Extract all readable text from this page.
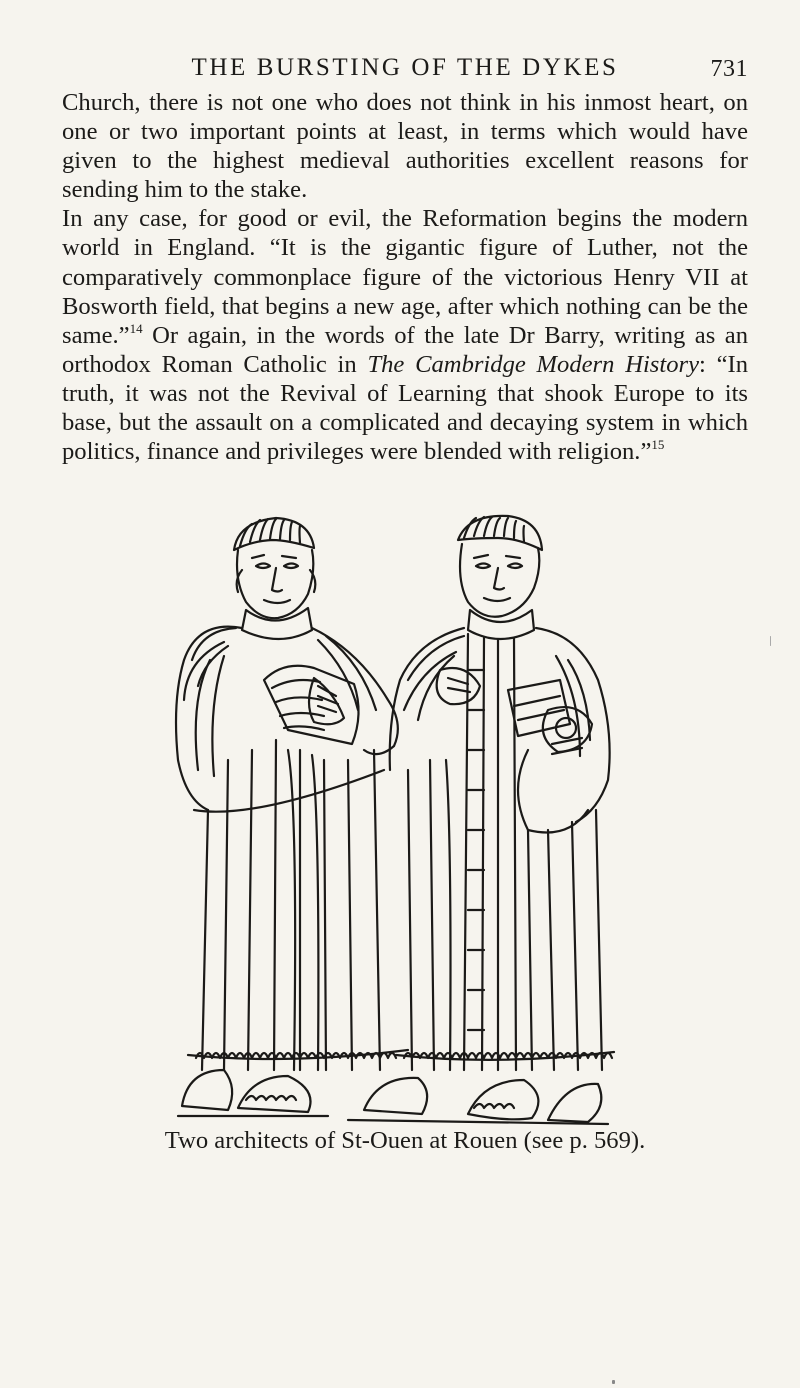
THE BURSTING OF THE DYKES	731

Church, there is not one who does not think in his inmost heart, on one or two important points at least, in terms which would have given to the highest medieval authorities excellent reasons for sending him to the stake.

In any case, for good or evil, the Reformation begins the modern world in England. “It is the gigantic figure of Luther, not the comparatively commonplace figure of the victorious Henry VII at Bosworth field, that begins a new age, after which nothing can be the same.”$^{14}$ Or again, in the words of the late Dr Barry, writing as an orthodox Roman Catholic in The Cambridge Modern History: “In truth, it was not the Revival of Learning that shook Europe to its base, but the assault on a complicated and decaying system in which politics, finance and privileges were blended with religion.”$^{15}$

Two architects of St-Ouen at Rouen (see p. 569).
